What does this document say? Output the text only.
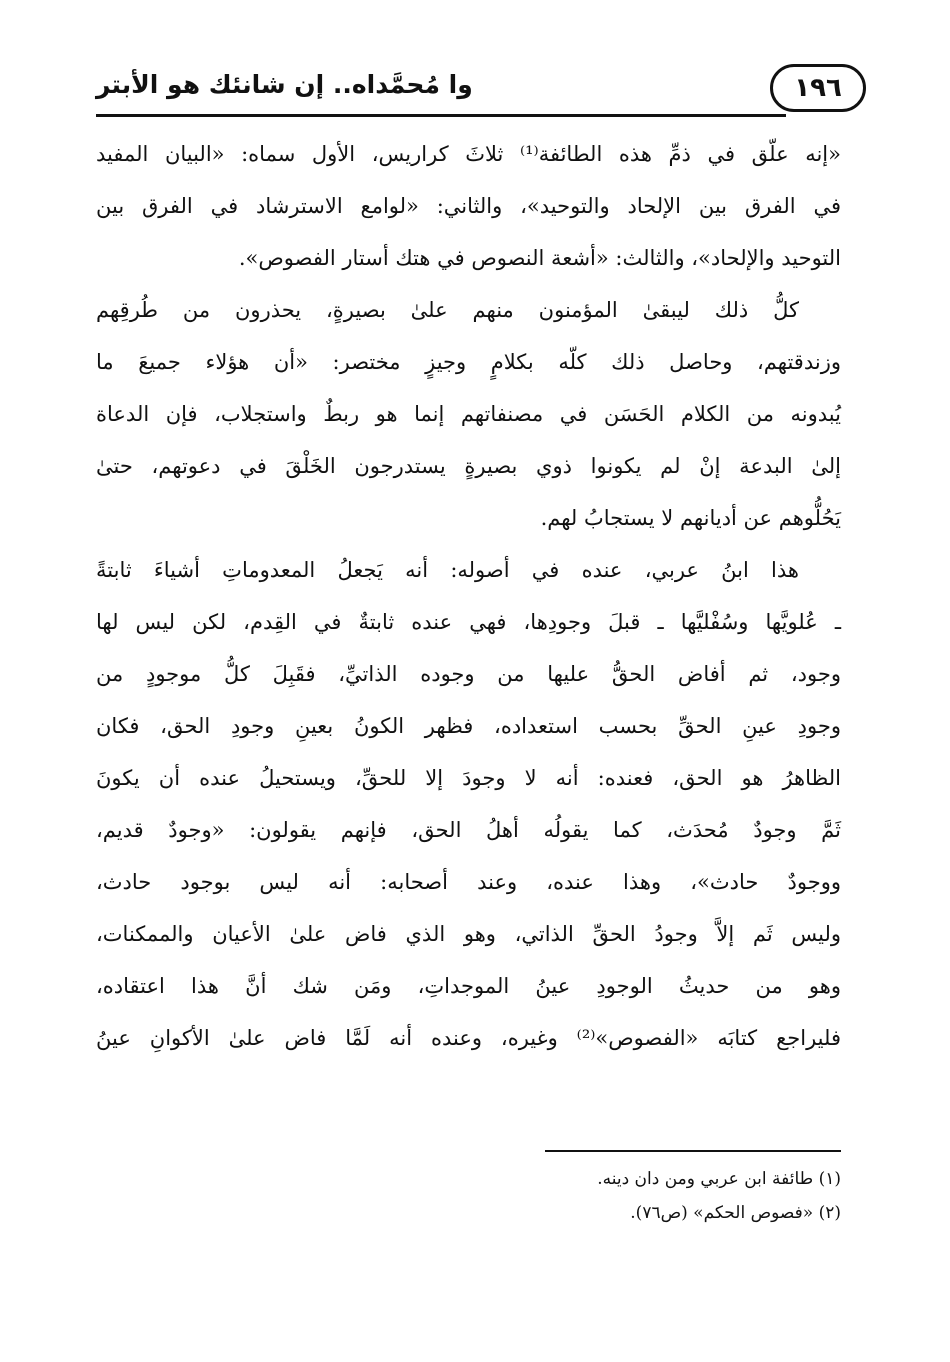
١٩٦
وا مُحمَّداه.. إن شانئك هو الأبتر
«إنه علّق في ذمِّ هذه الطائفة⁽¹⁾ ثلاثَ كراريس، الأول سماه: «البيان المفيد
في الفرق بين الإلحاد والتوحيد»، والثاني: «لوامع الاسترشاد في الفرق بين
التوحيد والإلحاد»، والثالث: «أشعة النصوص في هتك أستار الفصوص».
كلُّ ذلك ليبقىٰ المؤمنون منهم علىٰ بصيرةٍ، يحذرون من طُرقِهم
وزندقتهم، وحاصل ذلك كلّه بكلامٍ وجيزٍ مختصر: «أن هؤلاء جميعَ ما
يُبدونه من الكلام الحَسَن في مصنفاتهم إنما هو ربطٌ واستجلاب، فإن الدعاة
إلىٰ البدعة إنْ لم يكونوا ذوي بصيرةٍ يستدرجون الخَلْقَ في دعوتهم، حتىٰ
يَحُلُّوهم عن أديانهم لا يستجابُ لهم.
هذا ابنُ عربي، عنده في أصوله: أنه يَجعلُ المعدوماتِ أشياءَ ثابتةً
ـ عُلويَّها وسُفْليَّها ـ قبلَ وجودِها، فهي عنده ثابتةٌ في القِدم، لكن ليس لها
وجود، ثم أفاض الحقُّ عليها من وجوده الذاتيِّ، فقَبِلَ كلُّ موجودٍ من
وجودِ عينِ الحقِّ بحسب استعداده، فظهر الكونُ بعينِ وجودِ الحق، فكان
الظاهرُ هو الحق، فعنده: أنه لا وجودَ إلا للحقِّ، ويستحيلُ عنده أن يكونَ
ثَمَّ وجودٌ مُحدَث، كما يقولُه أهلُ الحق، فإنهم يقولون: «وجودٌ قديم،
ووجودٌ حادث»، وهذا عنده، وعند أصحابه: أنه ليس بوجود حادث،
وليس ثَم إلاَّ وجودُ الحقِّ الذاتي، وهو الذي فاض علىٰ الأعيان والممكنات،
وهو من حديثُ الوجودِ عينُ الموجداتِ، ومَن شك أنَّ هذا اعتقاده،
فليراجع كتابَه «الفصوص»⁽²⁾ وغيره، وعنده أنه لَمَّا فاض علىٰ الأكوانِ عينُ
(١) طائفة ابن عربي ومن دان دينه.
(٢) «فصوص الحكم» (ص٧٦).
